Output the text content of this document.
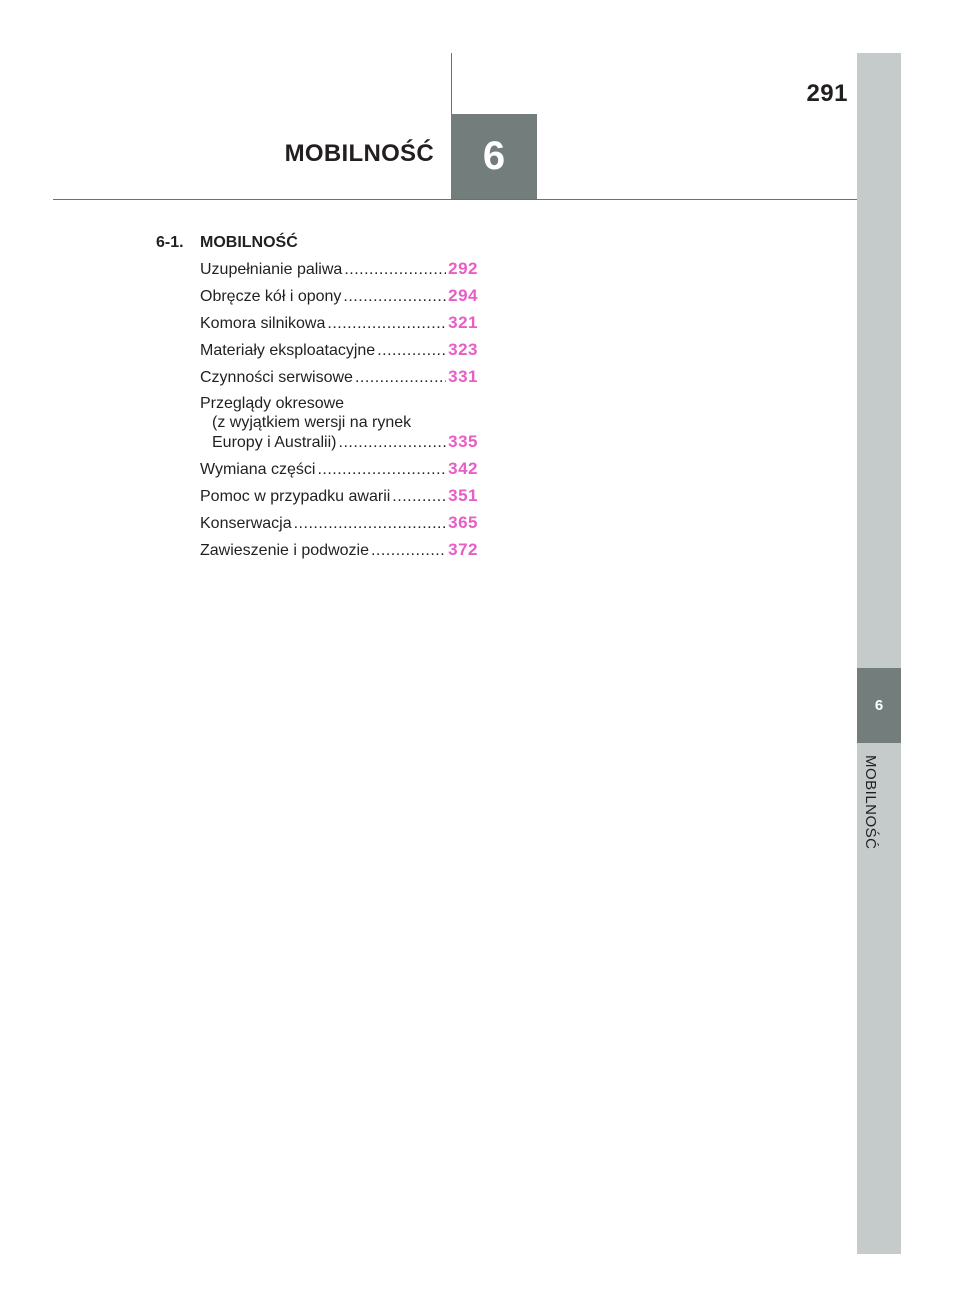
6
MOBILNOŚĆ
291
MOBILNOŚĆ 6
6-1.	MOBILNOŚĆ
Uzupełnianie paliwa .....	292
Obręcze kół i opony .....	294
Komora silnikowa .....	321
Materiały eksploatacyjne .....	323
Czynności serwisowe .....	331
Przeglądy okresowe
(z wyjątkiem wersji na rynek
Europy i Australii) .....	335
Wymiana części .....	342
Pomoc w przypadku awarii .....	351
Konserwacja .....	365
Zawieszenie i podwozie .....	372
